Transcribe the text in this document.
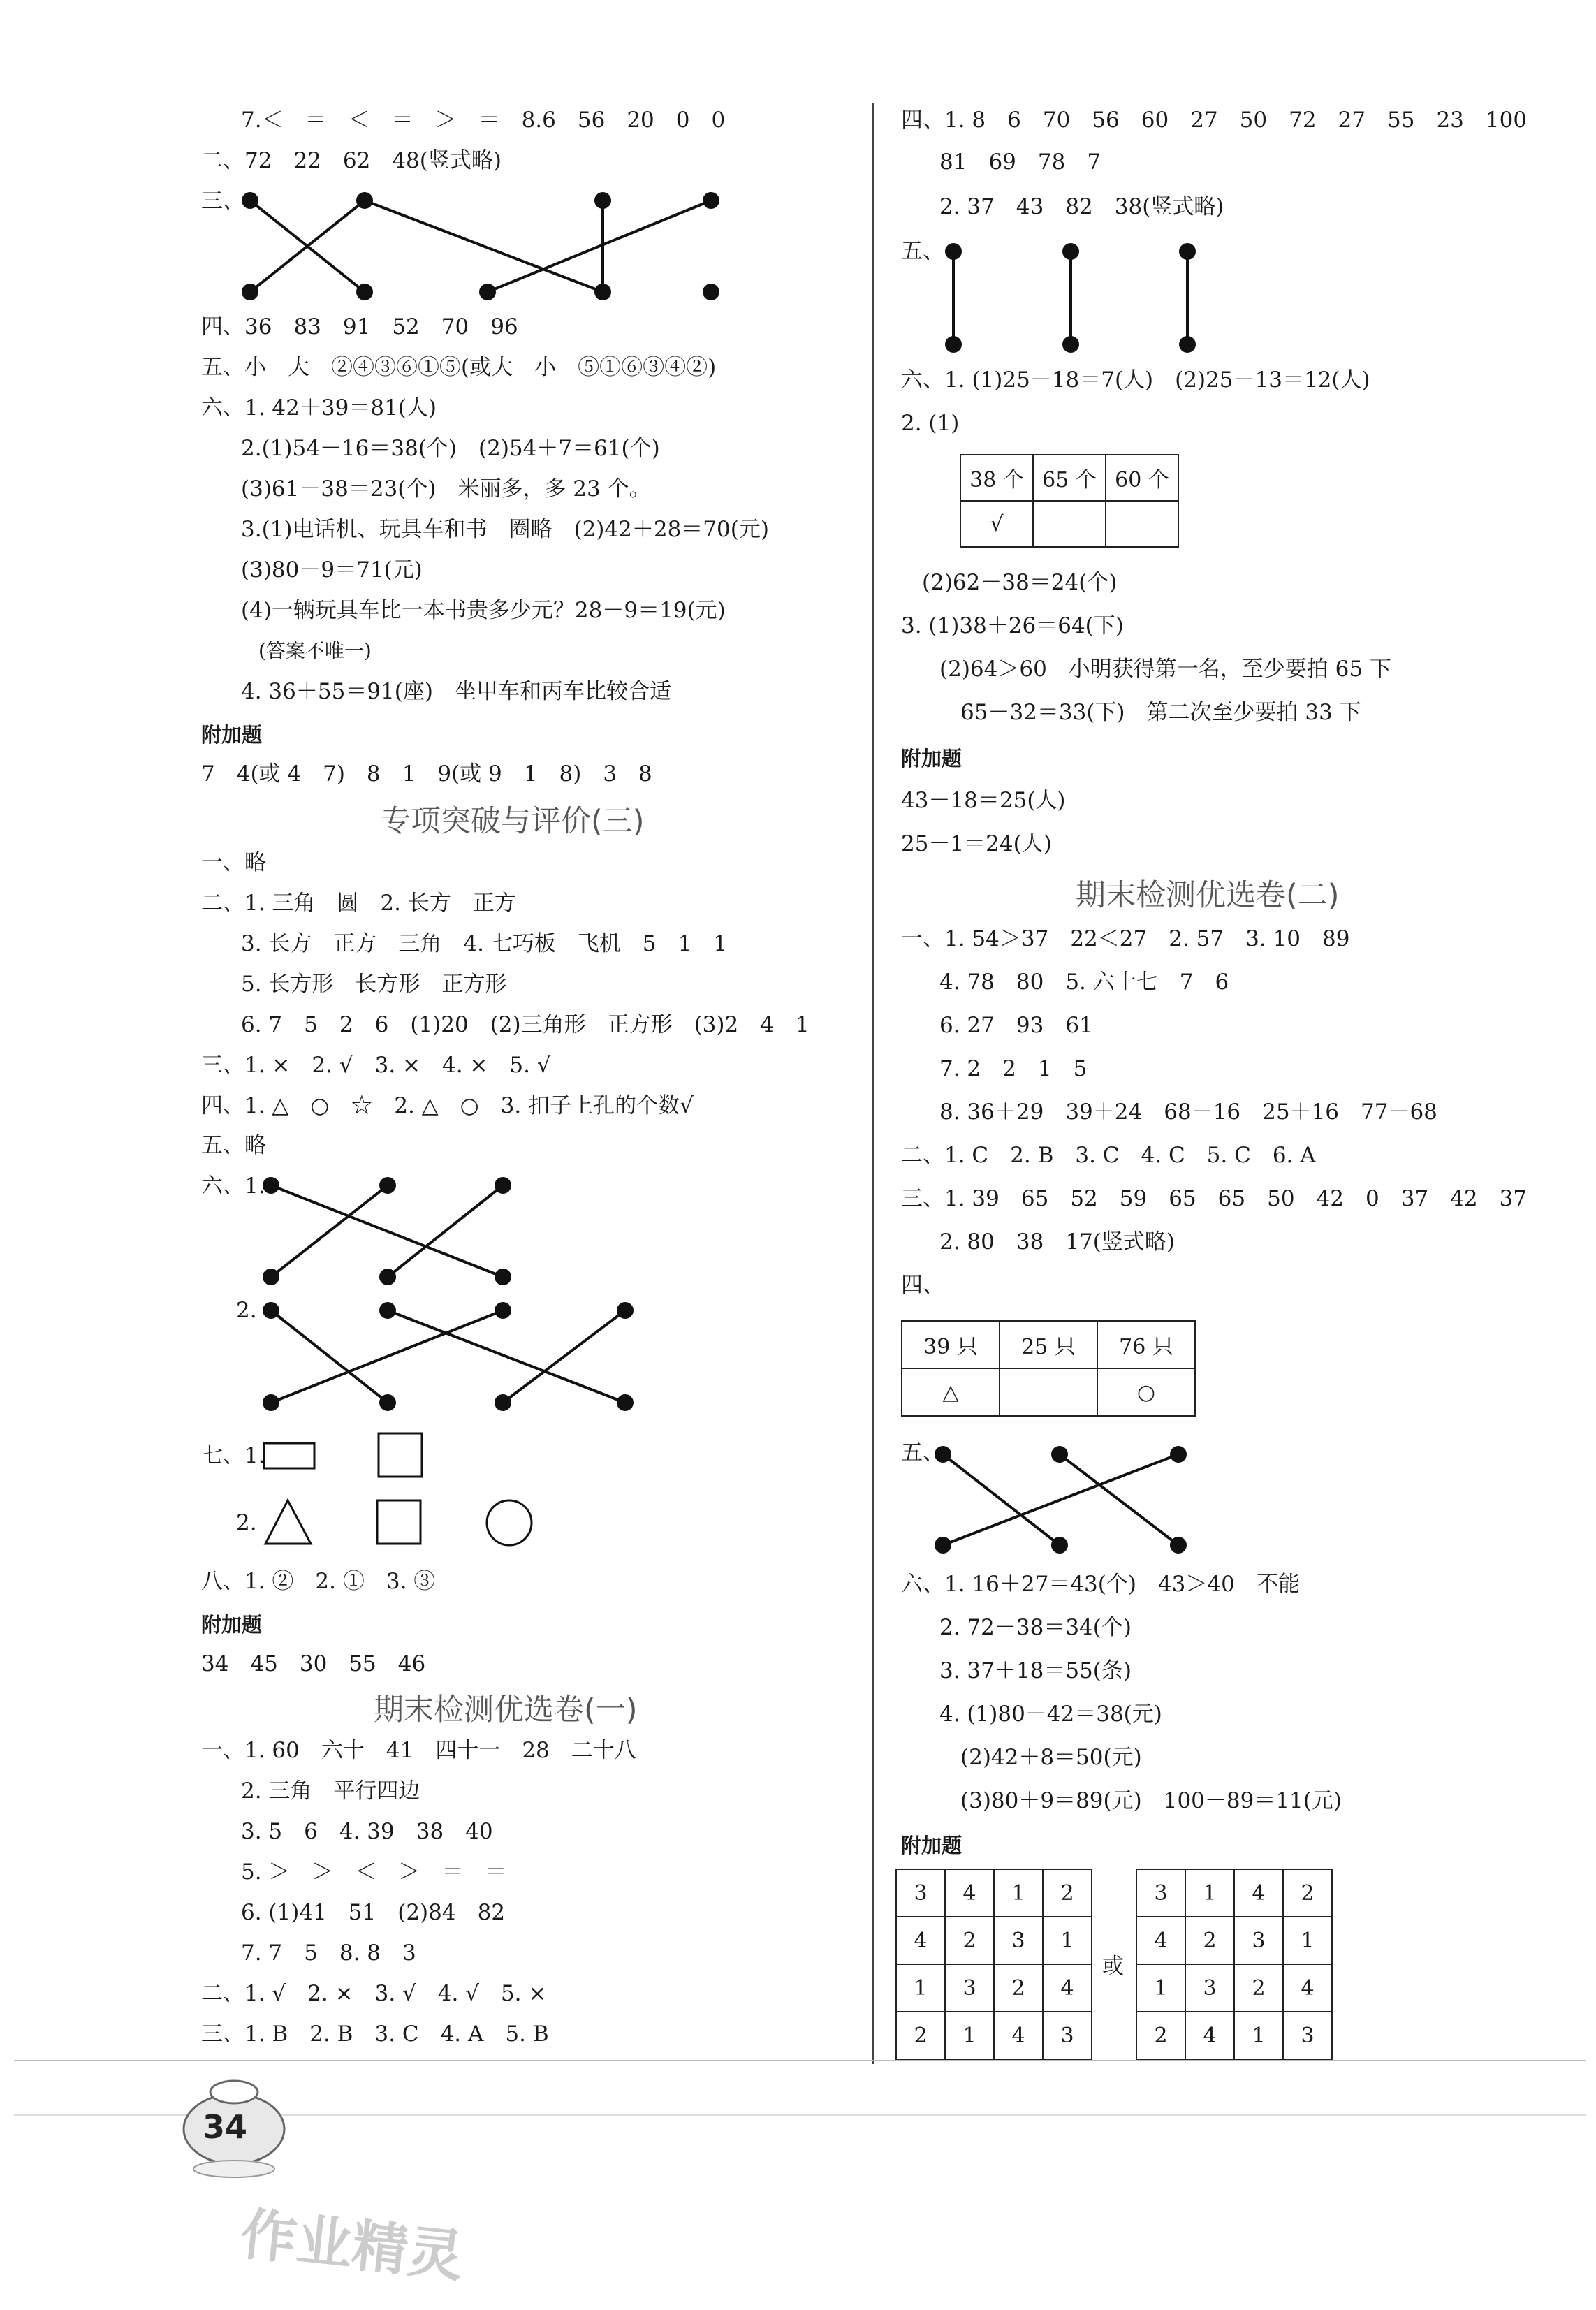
7.＜　＝　＜　＝　＞　＝　8.6　56　20　0　0
二、72　22　62　48(竖式略)
三、
四、36　83　91　52　70　96
五、小　大　②④③⑥①⑤(或大　小　⑤①⑥③④②)
六、1. 42＋39＝81(人)
2.(1)54－16＝38(个)　(2)54＋7＝61(个)
(3)61－38＝23(个)　米丽多，多 23 个。
3.(1)电话机、玩具车和书　圈略　(2)42＋28＝70(元)
(3)80－9＝71(元)
(4)一辆玩具车比一本书贵多少元？28－9＝19(元)
(答案不唯一)
4. 36＋55＝91(座)　坐甲车和丙车比较合适
附加题
7　4(或 4　7)　8　1　9(或 9　1　8)　3　8
专项突破与评价(三)
一、略
二、1. 三角　圆　2. 长方　正方
3. 长方　正方　三角　4. 七巧板　飞机　5　1　1
5. 长方形　长方形　正方形
6. 7　5　2　6　(1)20　(2)三角形　正方形　(3)2　4　1
三、1. ×　2. √　3. ×　4. ×　5. √
四、1. △　○　☆　2. △　○　3. 扣子上孔的个数√
五、略
六、1.
2.
七、1.
2.
八、1. ②　2. ①　3. ③
附加题
34　45　30　55　46
期末检测优选卷(一)
一、1. 60　六十　41　四十一　28　二十八
2. 三角　平行四边
3. 5　6　4. 39　38　40
5. ＞　＞　＜　＞　＝　＝
6. (1)41　51　(2)84　82
7. 7　5　8. 8　3
二、1. √　2. ×　3. √　4. √　5. ×
三、1. B　2. B　3. C　4. A　5. B
四、1. 8　6　70　56　60　27　50　72　27　55　23　100
81　69　78　7
2. 37　43　82　38(竖式略)
五、
六、1. (1)25－18＝7(人)　(2)25－13＝12(人)
2. (1)
38 个	65 个	60 个
√		
(2)62－38＝24(个)
3. (1)38＋26＝64(下)
(2)64＞60　小明获得第一名，至少要拍 65 下
65－32＝33(下)　第二次至少要拍 33 下
附加题
43－18＝25(人)
25－1＝24(人)
期末检测优选卷(二)
一、1. 54＞37　22＜27　2. 57　3. 10　89
4. 78　80　5. 六十七　7　6
6. 27　93　61
7. 2　2　1　5
8. 36＋29　39＋24　68－16　25＋16　77－68
二、1. C　2. B　3. C　4. C　5. C　6. A
三、1. 39　65　52　59　65　65　50　42　0　37　42　37
2. 80　38　17(竖式略)
四、
39 只	25 只	76 只
△		○
五、
六、1. 16＋27＝43(个)　43＞40　不能
2. 72－38＝34(个)
3. 37＋18＝55(条)
4. (1)80－42＝38(元)
(2)42＋8＝50(元)
(3)80＋9＝89(元)　100－89＝11(元)
附加题
3	4	1	2
4	2	3	1
1	3	2	4
2	1	4	3
或
3	1	4	2
4	2	3	1
1	3	2	4
2	4	1	3
34
作业精灵
